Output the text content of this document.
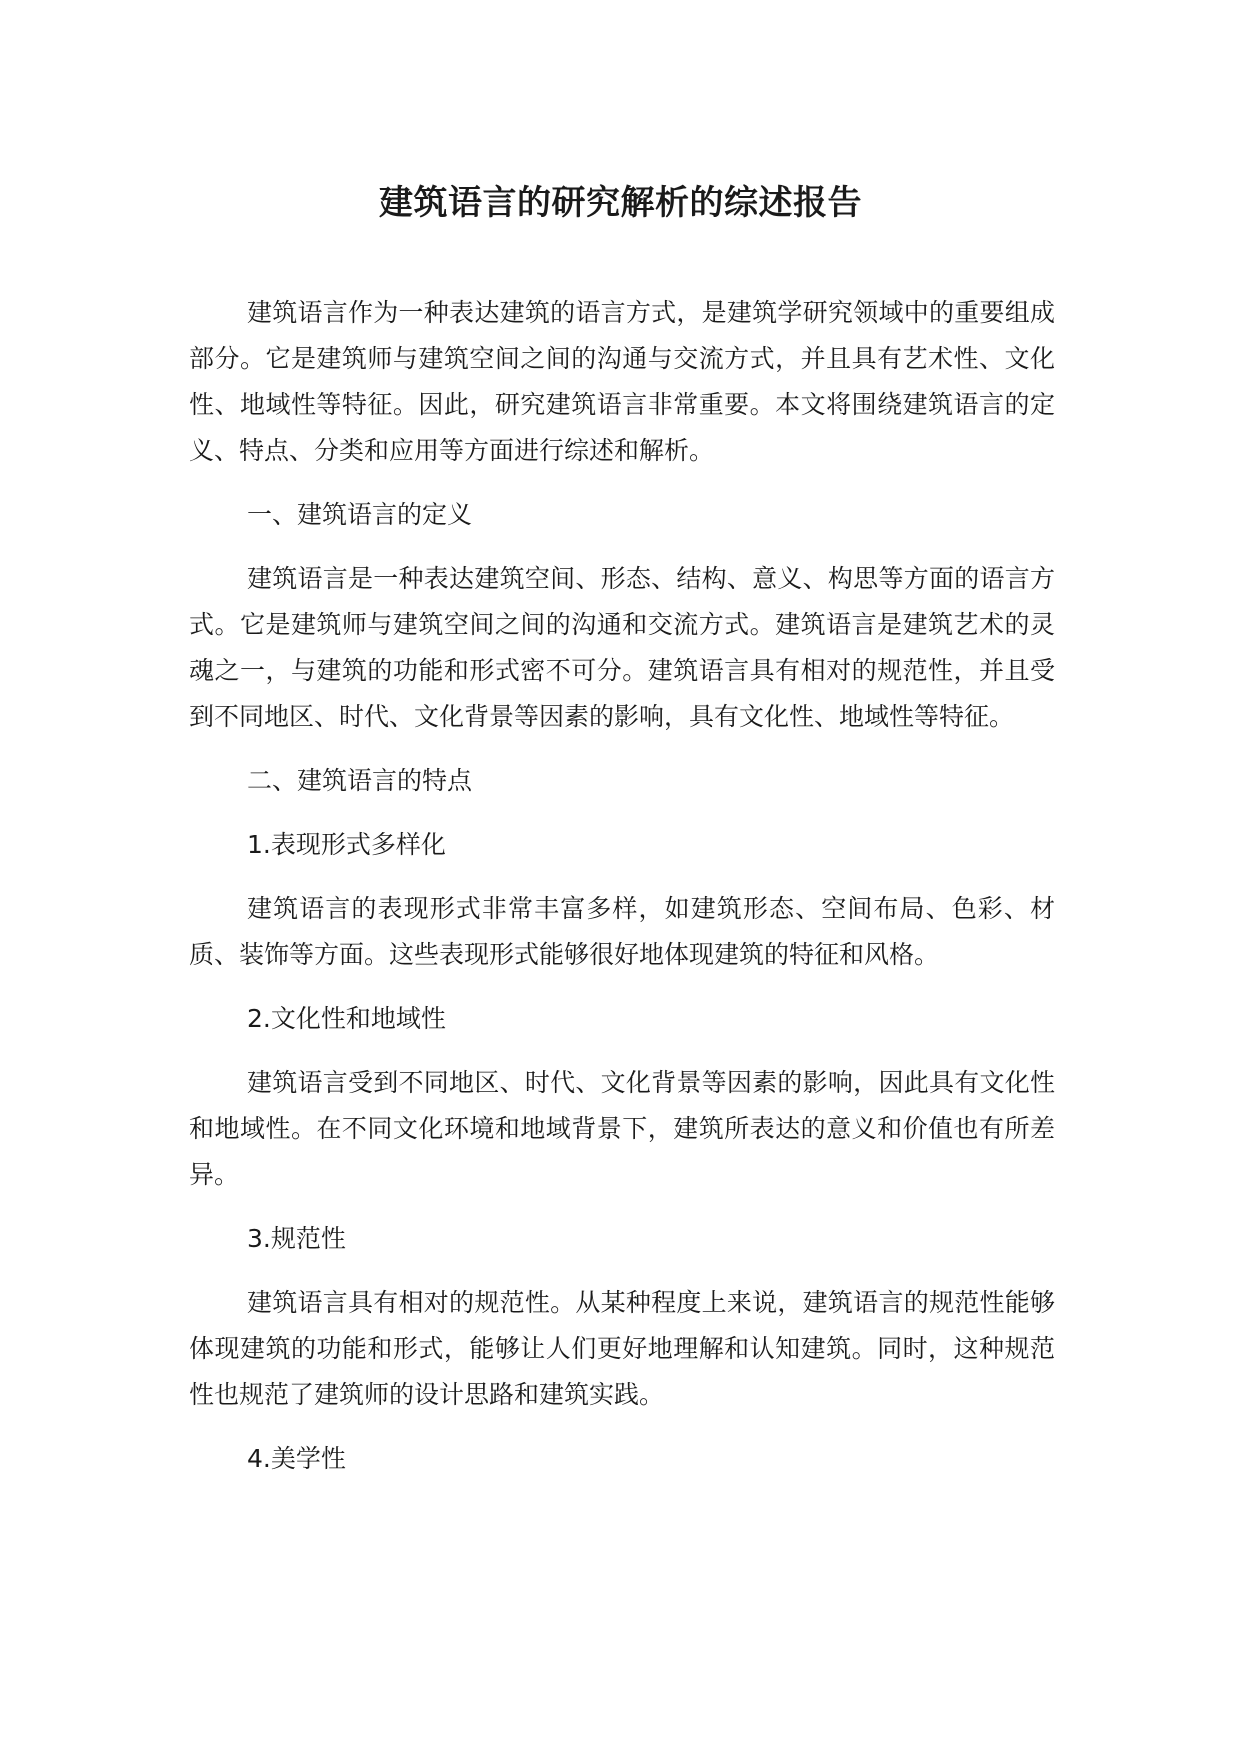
建筑语言的研究解析的综述报告

建筑语言作为一种表达建筑的语言方式，是建筑学研究领域中的重要组成部分。它是建筑师与建筑空间之间的沟通与交流方式，并且具有艺术性、文化性、地域性等特征。因此，研究建筑语言非常重要。本文将围绕建筑语言的定义、特点、分类和应用等方面进行综述和解析。

一、建筑语言的定义

建筑语言是一种表达建筑空间、形态、结构、意义、构思等方面的语言方式。它是建筑师与建筑空间之间的沟通和交流方式。建筑语言是建筑艺术的灵魂之一，与建筑的功能和形式密不可分。建筑语言具有相对的规范性，并且受到不同地区、时代、文化背景等因素的影响，具有文化性、地域性等特征。

二、建筑语言的特点

1.表现形式多样化

建筑语言的表现形式非常丰富多样，如建筑形态、空间布局、色彩、材质、装饰等方面。这些表现形式能够很好地体现建筑的特征和风格。

2.文化性和地域性

建筑语言受到不同地区、时代、文化背景等因素的影响，因此具有文化性和地域性。在不同文化环境和地域背景下，建筑所表达的意义和价值也有所差异。

3.规范性

建筑语言具有相对的规范性。从某种程度上来说，建筑语言的规范性能够体现建筑的功能和形式，能够让人们更好地理解和认知建筑。同时，这种规范性也规范了建筑师的设计思路和建筑实践。

4.美学性
